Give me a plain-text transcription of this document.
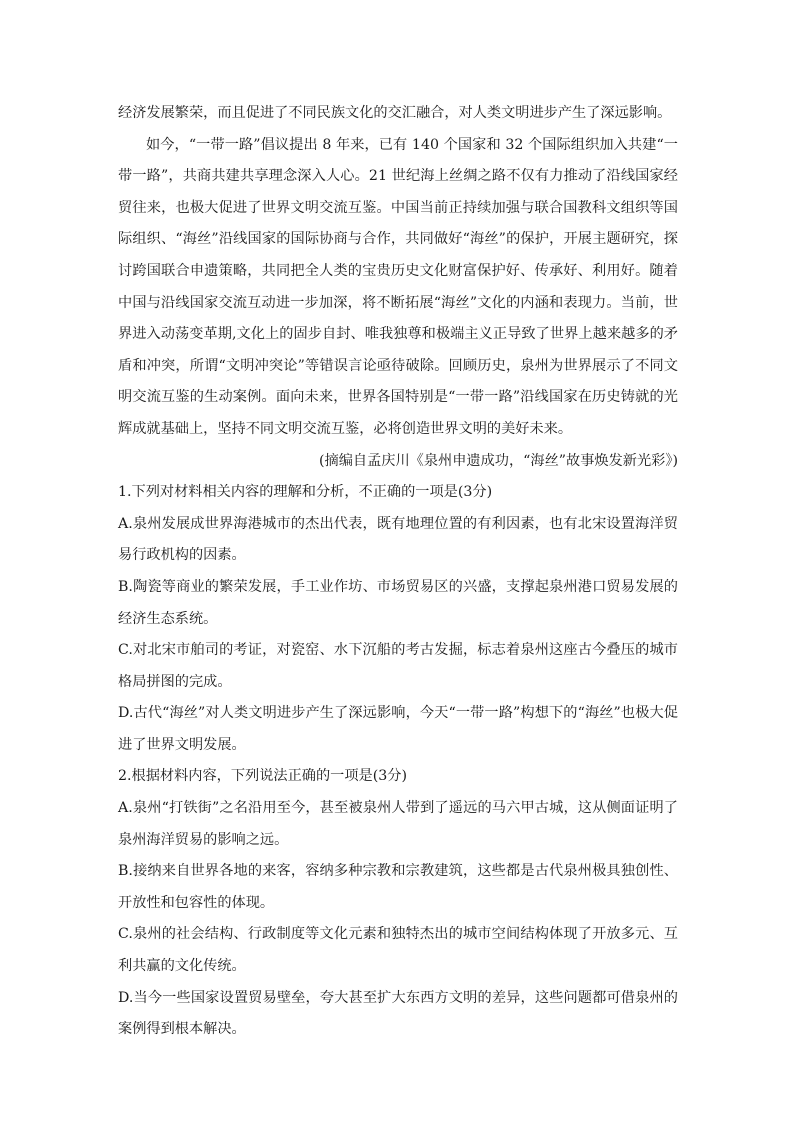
经济发展繁荣，而且促进了不同民族文化的交汇融合，对人类文明进步产生了深远影响。

如今，“一带一路”倡议提出 8 年来，已有 140 个国家和 32 个国际组织加入共建“一带一路”，共商共建共享理念深入人心。21 世纪海上丝绸之路不仅有力推动了沿线国家经贸往来，也极大促进了世界文明交流互鉴。中国当前正持续加强与联合国教科文组织等国际组织、“海丝”沿线国家的国际协商与合作，共同做好“海丝”的保护，开展主题研究，探讨跨国联合申遗策略，共同把全人类的宝贵历史文化财富保护好、传承好、利用好。随着中国与沿线国家交流互动进一步加深，将不断拓展“海丝”文化的内涵和表现力。当前，世界进入动荡变革期,文化上的固步自封、唯我独尊和极端主义正导致了世界上越来越多的矛盾和冲突，所谓“文明冲突论”等错误言论亟待破除。回顾历史，泉州为世界展示了不同文明交流互鉴的生动案例。面向未来，世界各国特别是“一带一路”沿线国家在历史铸就的光辉成就基础上，坚持不同文明交流互鉴，必将创造世界文明的美好未来。

(摘编自孟庆川《泉州申遗成功，“海丝”故事焕发新光彩》)

1.下列对材料相关内容的理解和分析，不正确的一项是(3分)

A.泉州发展成世界海港城市的杰出代表，既有地理位置的有利因素，也有北宋设置海洋贸易行政机构的因素。

B.陶瓷等商业的繁荣发展，手工业作坊、市场贸易区的兴盛，支撑起泉州港口贸易发展的经济生态系统。

C.对北宋市舶司的考证，对瓷窑、水下沉船的考古发掘，标志着泉州这座古今叠压的城市格局拼图的完成。

D.古代“海丝”对人类文明进步产生了深远影响，今天“一带一路”构想下的“海丝”也极大促进了世界文明发展。

2.根据材料内容，下列说法正确的一项是(3分)

A.泉州“打铁街”之名沿用至今，甚至被泉州人带到了遥远的马六甲古城，这从侧面证明了泉州海洋贸易的影响之远。

B.接纳来自世界各地的来客，容纳多种宗教和宗教建筑，这些都是古代泉州极具独创性、开放性和包容性的体现。

C.泉州的社会结构、行政制度等文化元素和独特杰出的城市空间结构体现了开放多元、互利共赢的文化传统。

D.当今一些国家设置贸易壁垒，夸大甚至扩大东西方文明的差异，这些问题都可借泉州的案例得到根本解决。
